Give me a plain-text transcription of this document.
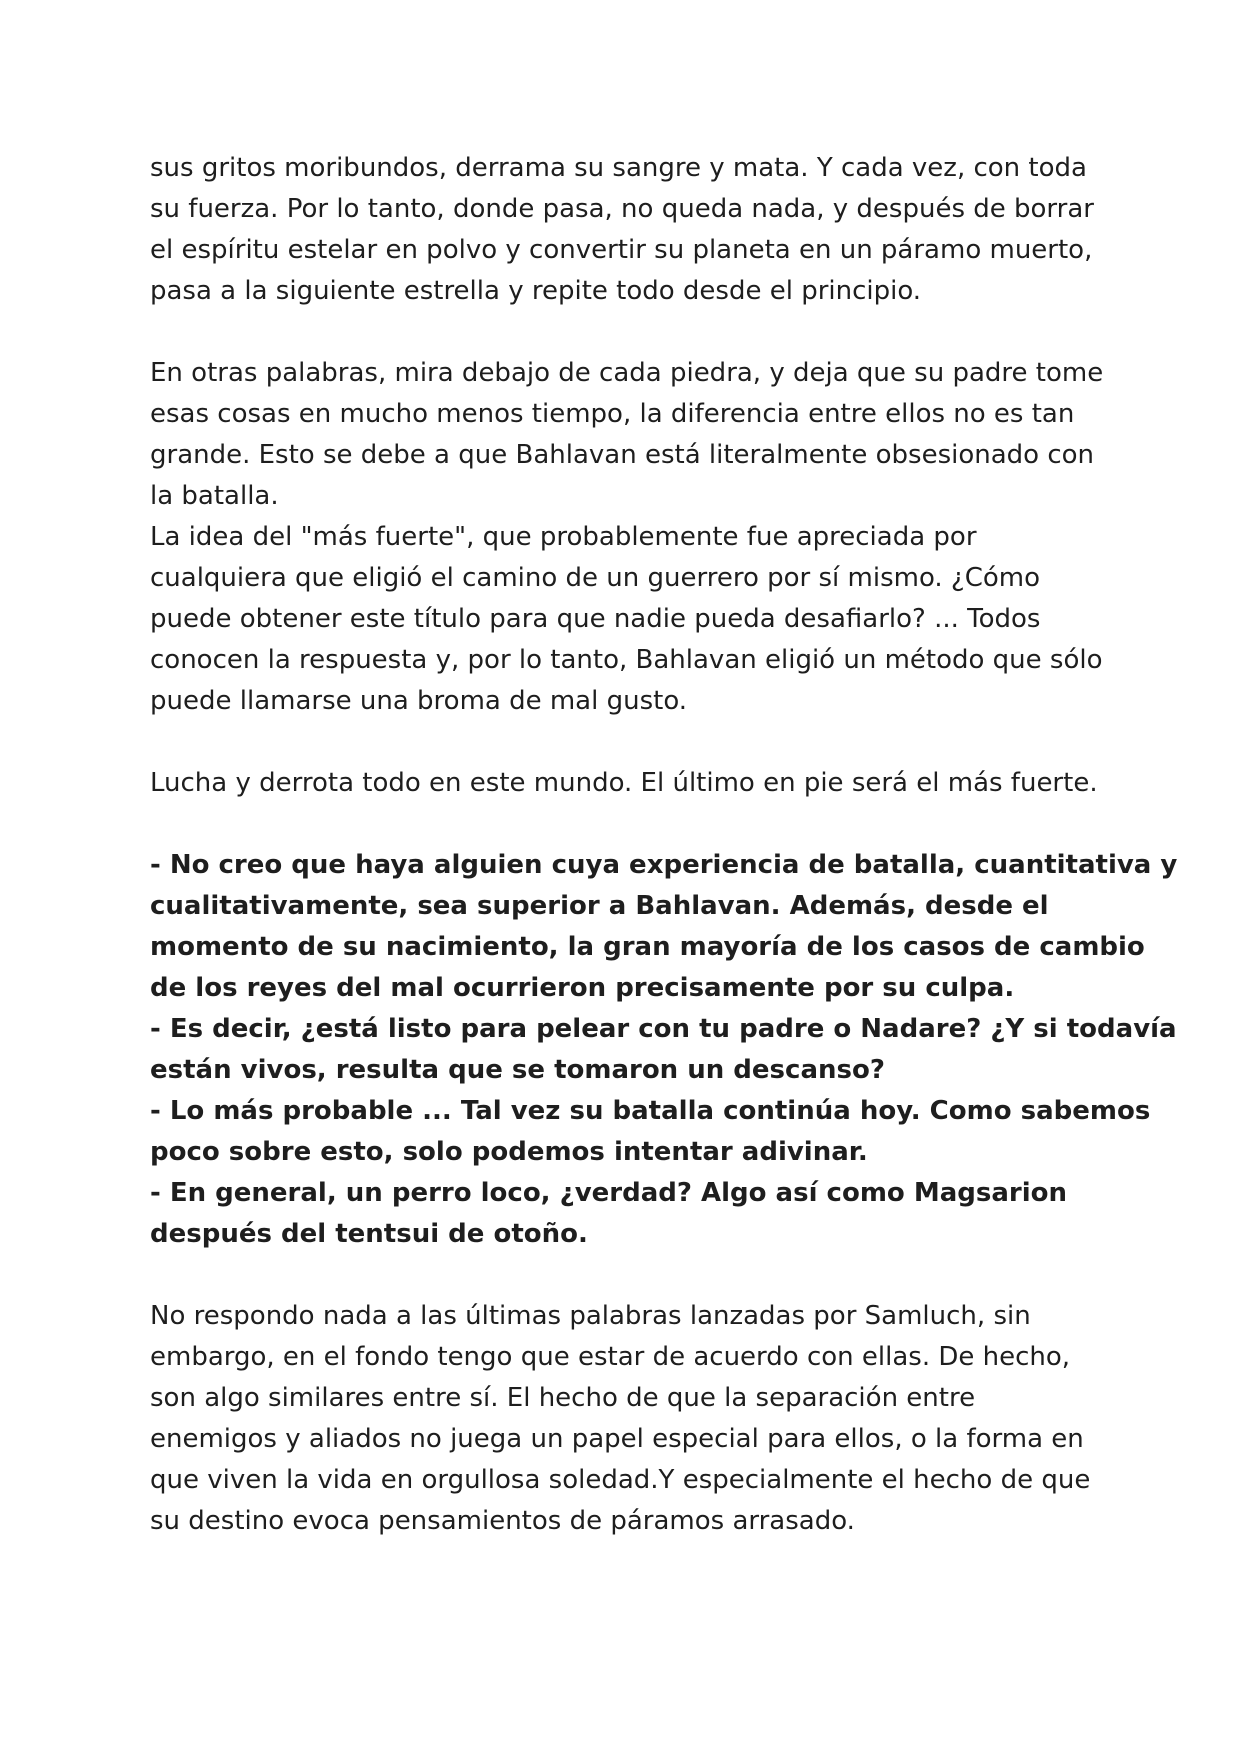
sus gritos moribundos, derrama su sangre y mata. Y cada vez, con toda
su fuerza. Por lo tanto, donde pasa, no queda nada, y después de borrar
el espíritu estelar en polvo y convertir su planeta en un páramo muerto,
pasa a la siguiente estrella y repite todo desde el principio.
En otras palabras, mira debajo de cada piedra, y deja que su padre tome
esas cosas en mucho menos tiempo, la diferencia entre ellos no es tan
grande. Esto se debe a que Bahlavan está literalmente obsesionado con
la batalla.
La idea del "más fuerte", que probablemente fue apreciada por
cualquiera que eligió el camino de un guerrero por sí mismo. ¿Cómo
puede obtener este título para que nadie pueda desafiarlo? ... Todos
conocen la respuesta y, por lo tanto, Bahlavan eligió un método que sólo
puede llamarse una broma de mal gusto.
Lucha y derrota todo en este mundo. El último en pie será el más fuerte.
- No creo que haya alguien cuya experiencia de batalla, cuantitativa y
cualitativamente, sea superior a Bahlavan. Además, desde el
momento de su nacimiento, la gran mayoría de los casos de cambio
de los reyes del mal ocurrieron precisamente por su culpa.
- Es decir, ¿está listo para pelear con tu padre o Nadare? ¿Y si todavía
están vivos, resulta que se tomaron un descanso?
- Lo más probable ... Tal vez su batalla continúa hoy. Como sabemos
poco sobre esto, solo podemos intentar adivinar.
- En general, un perro loco, ¿verdad? Algo así como Magsarion
después del tentsui de otoño.
No respondo nada a las últimas palabras lanzadas por Samluch, sin
embargo, en el fondo tengo que estar de acuerdo con ellas. De hecho,
son algo similares entre sí. El hecho de que la separación entre
enemigos y aliados no juega un papel especial para ellos, o la forma en
que viven la vida en orgullosa soledad.Y especialmente el hecho de que
su destino evoca pensamientos de páramos arrasado.
